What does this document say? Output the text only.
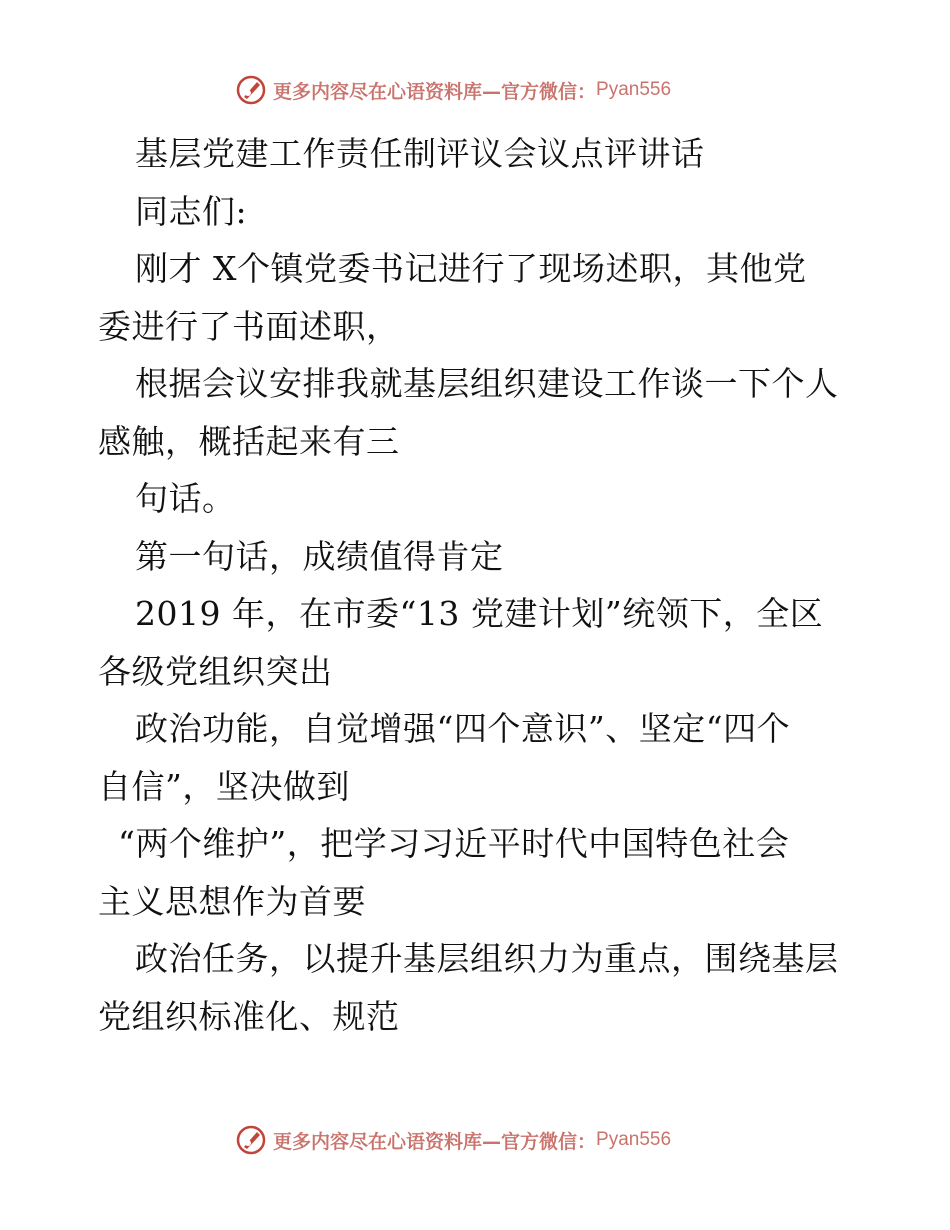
更多内容尽在心语资料库—官方微信： Pyan556
基层党建工作责任制评议会议点评讲话
同志们:
刚才 X个镇党委书记进行了现场述职，其他党
委进行了书面述职，
根据会议安排我就基层组织建设工作谈一下个人
感触，概括起来有三
句话。
第一句话，成绩值得肯定
2019 年，在市委“13 党建计划”统领下，全区
各级党组织突出
政治功能，自觉增强“四个意识”、坚定“四个
自信”，坚决做到
“两个维护”，把学习习近平时代中国特色社会
主义思想作为首要
政治任务，以提升基层组织力为重点，围绕基层
党组织标准化、规范
更多内容尽在心语资料库—官方微信： Pyan556
